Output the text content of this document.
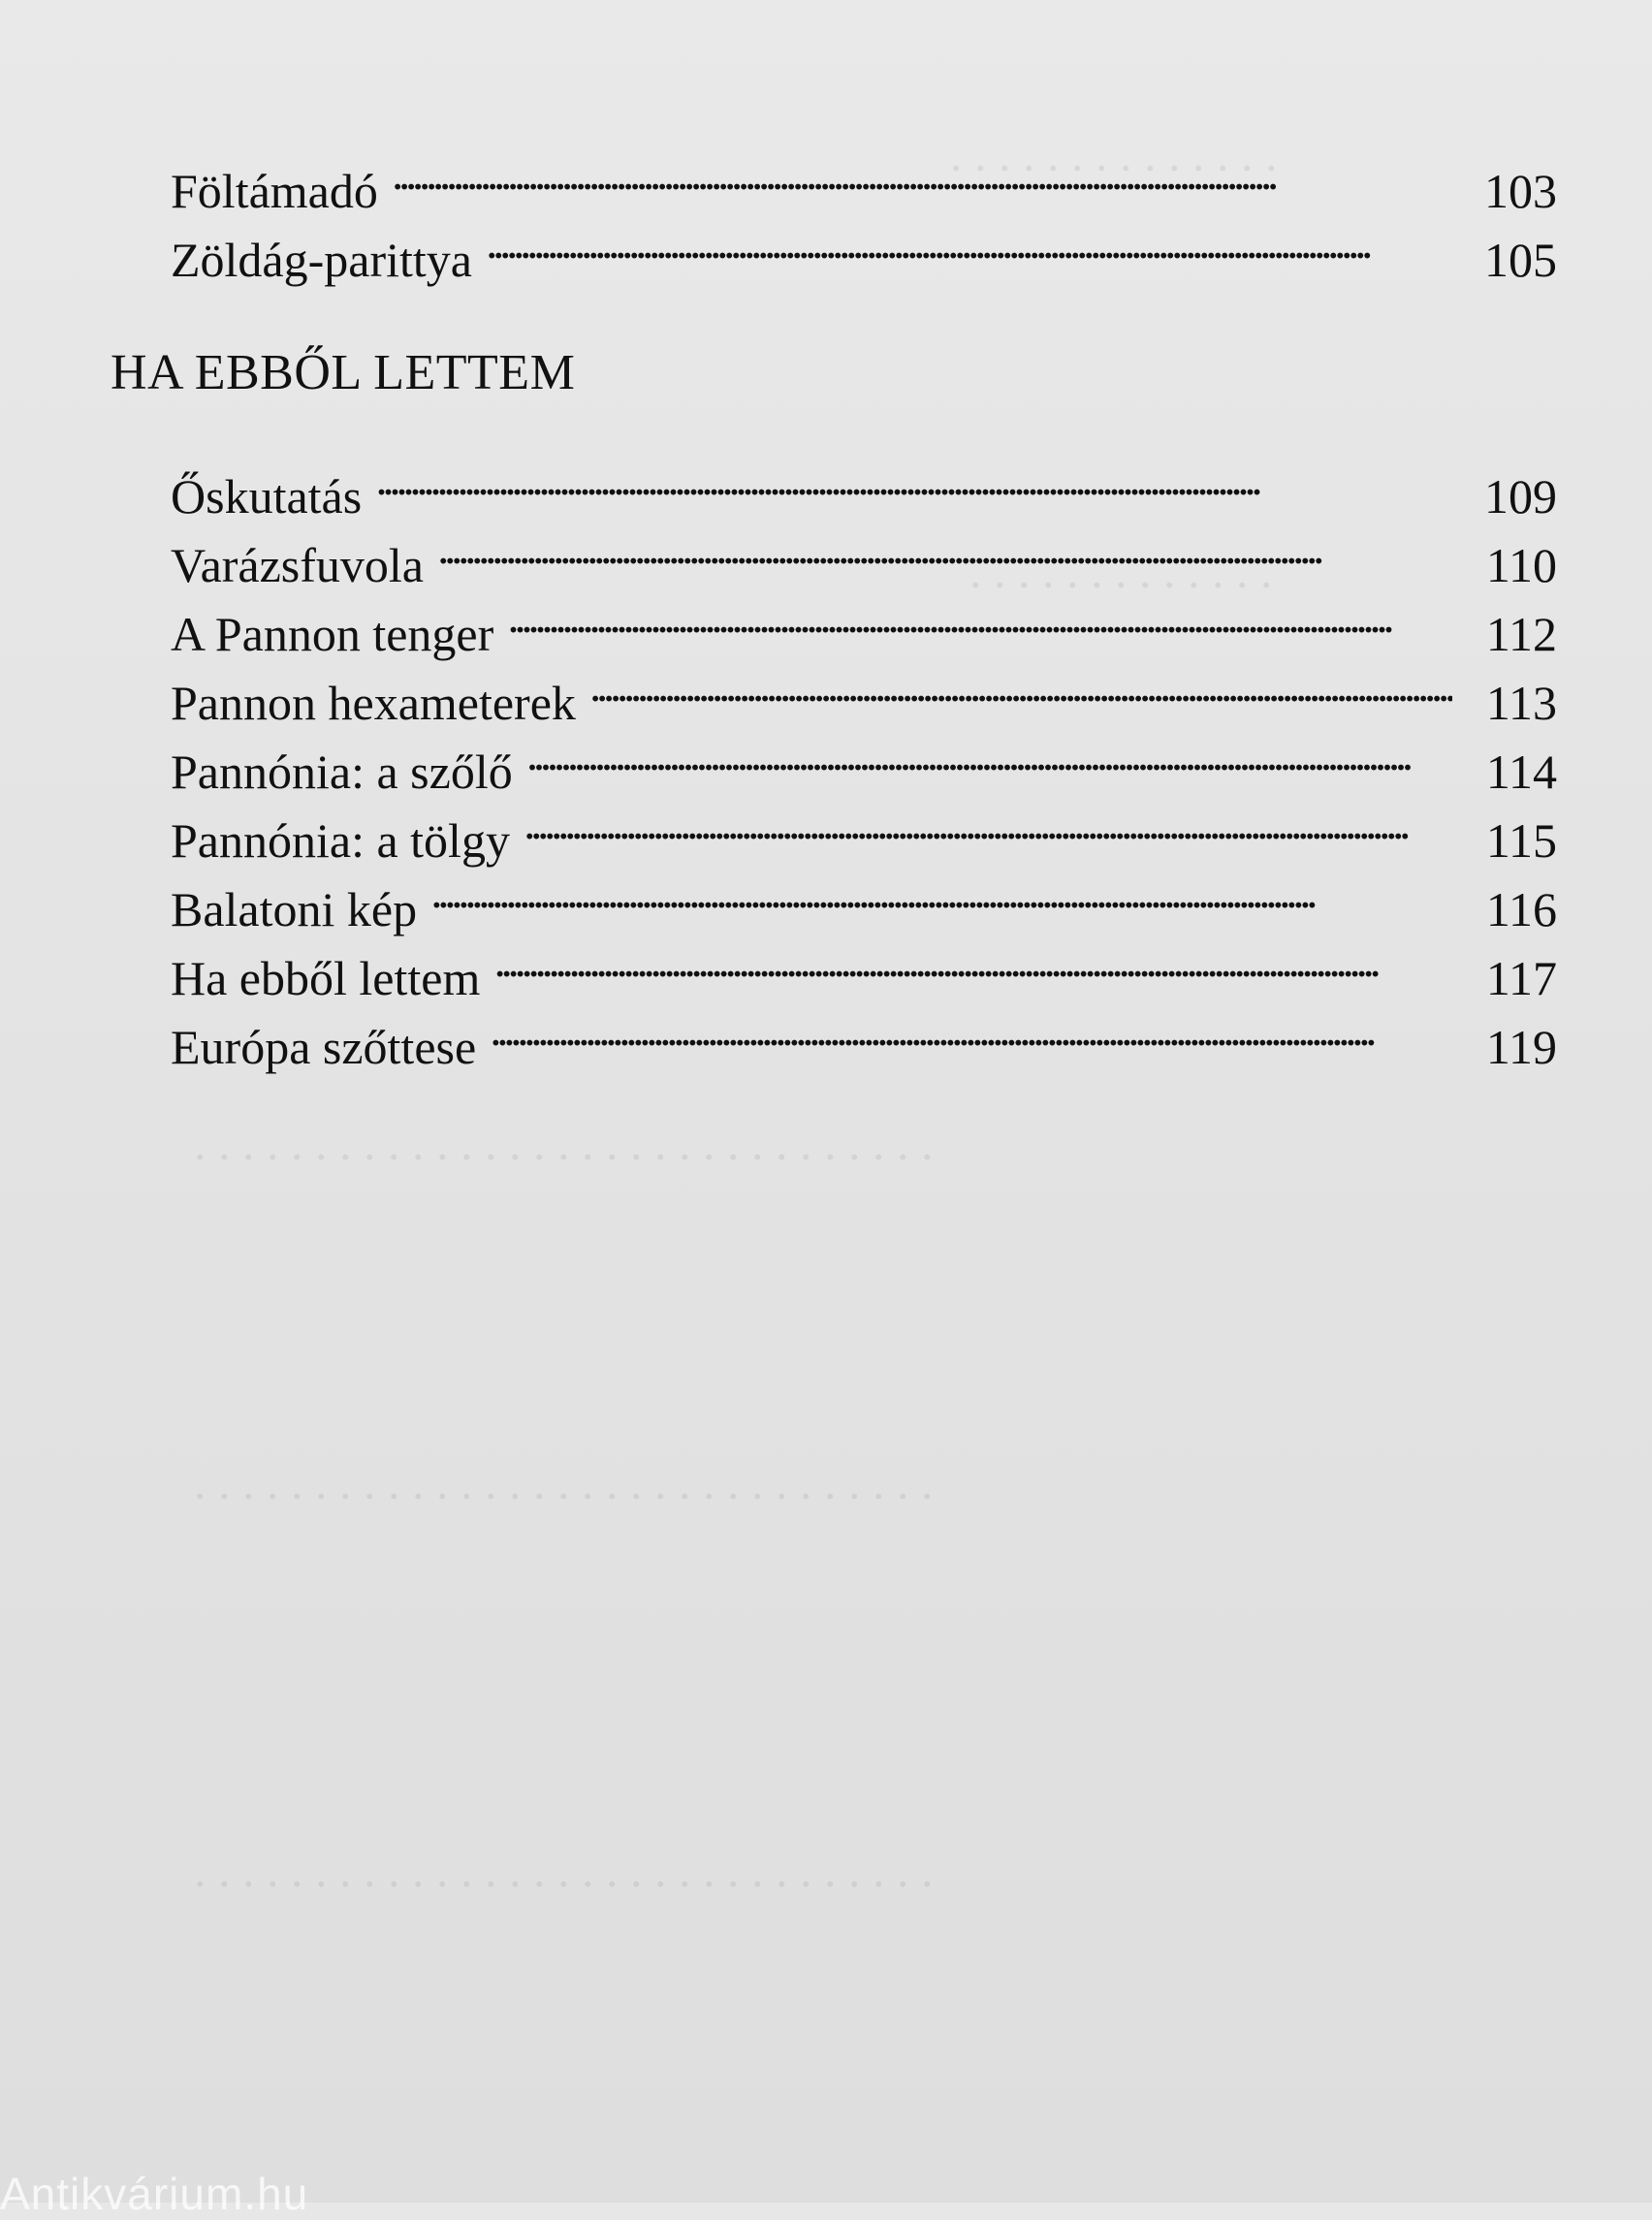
. . . . . . . . . . . . . .
. . . . . . . . . . . . .
. . . . . . . . . . . . . . . . . . . . . . . . . . . . . . .
. . . . . . . . . . . . . . . . . . . . . . . . . . . . . . .
. . . . . . . . . . . . . . . . . . . . . . . . . . . . . . .
Föltámadó . . .	103
Zöldág-parittya . . .	105
HA EBBŐL LETTEM
Őskutatás . . .	109
Varázsfuvola . . .	110
A Pannon tenger . . .	112
Pannon hexameterek . . .	113
Pannónia: a szőlő . . .	114
Pannónia: a tölgy . . .	115
Balatoni kép . . .	116
Ha ebből lettem . . .	117
Európa szőttese . . .	119
Antikvárium.hu
